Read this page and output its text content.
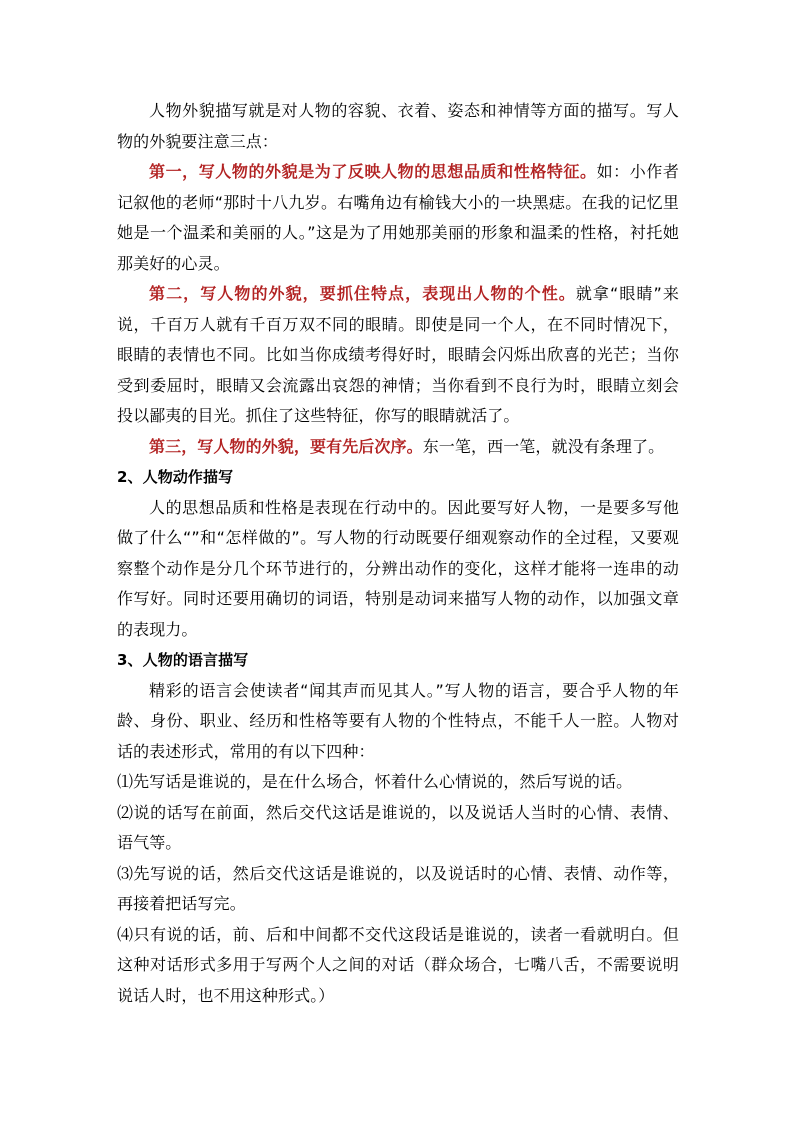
人物外貌描写就是对人物的容貌、衣着、姿态和神情等方面的描写。写人物的外貌要注意三点：

第一，写人物的外貌是为了反映人物的思想品质和性格特征。如：小作者记叙他的老师“那时十八九岁。右嘴角边有榆钱大小的一块黑痣。在我的记忆里她是一个温柔和美丽的人。”这是为了用她那美丽的形象和温柔的性格，衬托她那美好的心灵。

第二，写人物的外貌，要抓住特点，表现出人物的个性。就拿“眼睛”来说，千百万人就有千百万双不同的眼睛。即使是同一个人，在不同时情况下，眼睛的表情也不同。比如当你成绩考得好时，眼睛会闪烁出欣喜的光芒；当你受到委屈时，眼睛又会流露出哀怨的神情；当你看到不良行为时，眼睛立刻会投以鄙夷的目光。抓住了这些特征，你写的眼睛就活了。

第三，写人物的外貌，要有先后次序。东一笔，西一笔，就没有条理了。

2、人物动作描写

人的思想品质和性格是表现在行动中的。因此要写好人物，一是要多写他做了什么“”和“怎样做的”。写人物的行动既要仔细观察动作的全过程，又要观察整个动作是分几个环节进行的，分辨出动作的变化，这样才能将一连串的动作写好。同时还要用确切的词语，特别是动词来描写人物的动作，以加强文章的表现力。

3、人物的语言描写

精彩的语言会使读者“闻其声而见其人。”写人物的语言，要合乎人物的年龄、身份、职业、经历和性格等要有人物的个性特点，不能千人一腔。人物对话的表述形式，常用的有以下四种：

⑴先写话是谁说的，是在什么场合，怀着什么心情说的，然后写说的话。

⑵说的话写在前面，然后交代这话是谁说的，以及说话人当时的心情、表情、语气等。

⑶先写说的话，然后交代这话是谁说的，以及说话时的心情、表情、动作等，再接着把话写完。

⑷只有说的话，前、后和中间都不交代这段话是谁说的，读者一看就明白。但这种对话形式多用于写两个人之间的对话（群众场合，七嘴八舌，不需要说明说话人时，也不用这种形式。）
